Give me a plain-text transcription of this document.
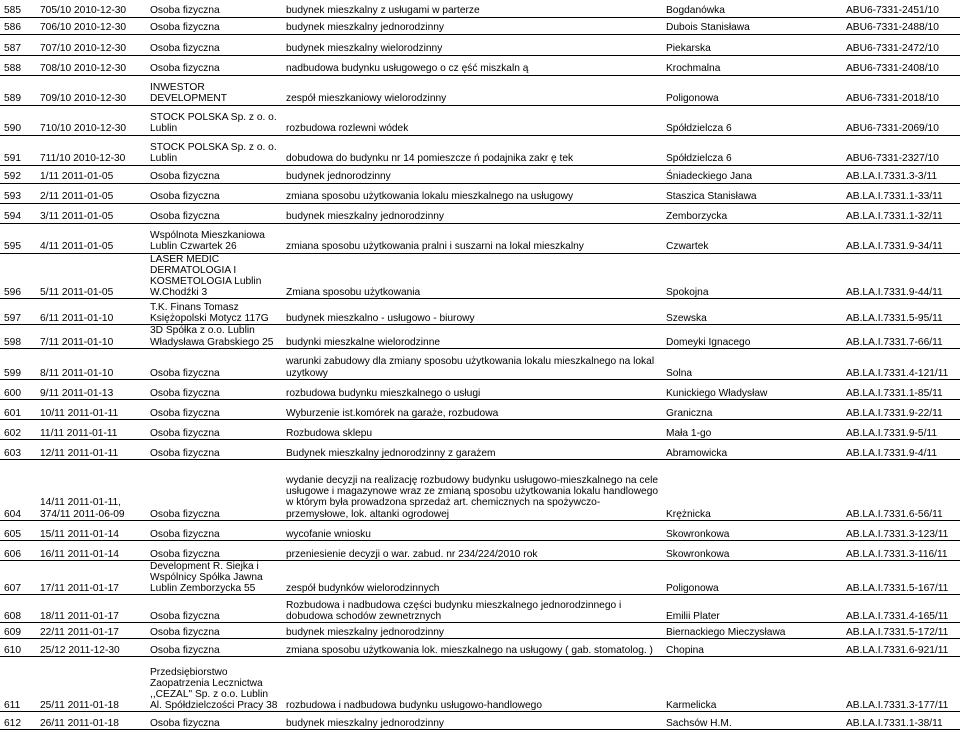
585	705/10 2010-12-30	Osoba fizyczna	budynek mieszkalny z usługami w parterze	Bogdanówka	ABU6-7331-2451/10
586	706/10 2010-12-30	Osoba fizyczna	budynek mieszkalny jednorodzinny	Dubois Stanisława	ABU6-7331-2488/10
587	707/10 2010-12-30	Osoba fizyczna	budynek mieszkalny wielorodzinny	Piekarska	ABU6-7331-2472/10
588	708/10 2010-12-30	Osoba fizyczna	nadbudowa budynku usługowego o cz ęść miszkaln ą	Krochmalna	ABU6-7331-2408/10
589	709/10 2010-12-30	INWESTOR DEVELOPMENT	zespół mieszkaniowy wielorodzinny	Poligonowa	ABU6-7331-2018/10
590	710/10 2010-12-30	STOCK POLSKA Sp. z o. o. Lublin	rozbudowa rozlewni wódek	Spółdzielcza 6	ABU6-7331-2069/10
591	711/10 2010-12-30	STOCK POLSKA Sp. z o. o. Lublin	dobudowa do budynku nr 14 pomieszcze ń podajnika zakr ę tek	Spółdzielcza 6	ABU6-7331-2327/10
592	1/11 2011-01-05	Osoba fizyczna	budynek jednorodzinny	Śniadeckiego Jana	AB.LA.I.7331.3-3/11
593	2/11 2011-01-05	Osoba fizyczna	zmiana sposobu użytkowania lokalu mieszkalnego na usługowy	Staszica Stanisława	AB.LA.I.7331.1-33/11
594	3/11 2011-01-05	Osoba fizyczna	budynek mieszkalny jednorodzinny	Zemborzycka	AB.LA.I.7331.1-32/11
595	4/11 2011-01-05	Wspólnota Mieszkaniowa Lublin Czwartek 26	zmiana sposobu użytkowania pralni i suszarni na lokal mieszkalny	Czwartek	AB.LA.I.7331.9-34/11
596	5/11 2011-01-05	LASER MEDIC DERMATOLOGIA I KOSMETOLOGIA Lublin W.Chodźki 3	Zmiana sposobu użytkowania	Spokojna	AB.LA.I.7331.9-44/11
597	6/11 2011-01-10	T.K. Finans Tomasz Księżopolski Motycz 117G	budynek mieszkalno - usługowo - biurowy	Szewska	AB.LA.I.7331.5-95/11
598	7/11 2011-01-10	3D Spółka z o.o. Lublin Władysława Grabskiego 25	budynki mieszkalne wielorodzinne	Domeyki Ignacego	AB.LA.I.7331.7-66/11
599	8/11 2011-01-10	Osoba fizyczna	warunki zabudowy dla zmiany sposobu użytkowania lokalu mieszkalnego na lokal uzytkowy	Solna	AB.LA.I.7331.4-121/11
600	9/11 2011-01-13	Osoba fizyczna	rozbudowa budynku mieszkalnego o usługi	Kunickiego Władysław	AB.LA.I.7331.1-85/11
601	10/11 2011-01-11	Osoba fizyczna	Wyburzenie ist.komórek na garaże, rozbudowa	Graniczna	AB.LA.I.7331.9-22/11
602	11/11 2011-01-11	Osoba fizyczna	Rozbudowa sklepu	Mała 1-go	AB.LA.I.7331.9-5/11
603	12/11 2011-01-11	Osoba fizyczna	Budynek mieszkalny jednorodzinny z garażem	Abramowicka	AB.LA.I.7331.9-4/11
604	14/11 2011-01-11, 374/11 2011-06-09	Osoba fizyczna	wydanie decyzji na realizację rozbudowy budynku usługowo-mieszkalnego na cele usługowe i magazynowe wraz ze zmianą sposobu użytkowania lokalu handlowego w którym była prowadzona sprzedaż art. chemicznych na spożywczo-przemysłowe, lok. altanki ogrodowej	Krężnicka	AB.LA.I.7331.6-56/11
605	15/11 2011-01-14	Osoba fizyczna	wycofanie wniosku	Skowronkowa	AB.LA.I.7331.3-123/11
606	16/11 2011-01-14	Osoba fizyczna	przeniesienie decyzji o war. zabud. nr 234/224/2010 rok	Skowronkowa	AB.LA.I.7331.3-116/11
607	17/11 2011-01-17	Development R. Siejka i Wspólnicy Spółka Jawna Lublin Zemborzycka 55	zespół budynków wielorodzinnych	Poligonowa	AB.LA.I.7331.5-167/11
608	18/11 2011-01-17	Osoba fizyczna	Rozbudowa i nadbudowa części budynku mieszkalnego jednorodzinnego i dobudowa schodów zewnetrznych	Emilii Plater	AB.LA.I.7331.4-165/11
609	22/11 2011-01-17	Osoba fizyczna	budynek mieszkalny jednorodzinny	Biernackiego Mieczysława	AB.LA.I.7331.5-172/11
610	25/12 2011-12-30	Osoba fizyczna	zmiana sposobu użytkowania lok. mieszkalnego na usługowy ( gab. stomatolog. )	Chopina	AB.LA.I.7331.6-921/11
611	25/11 2011-01-18	Przedsiębiorstwo Zaopatrzenia Lecznictwa ,,CEZAL" Sp. z o.o. Lublin Al. Spółdzielczości Pracy 38	rozbudowa i nadbudowa budynku usługowo-handlowego	Karmelicka	AB.LA.I.7331.3-177/11
612	26/11 2011-01-18	Osoba fizyczna	budynek mieszkalny jednorodzinny	Sachsów H.M.	AB.LA.I.7331.1-38/11
